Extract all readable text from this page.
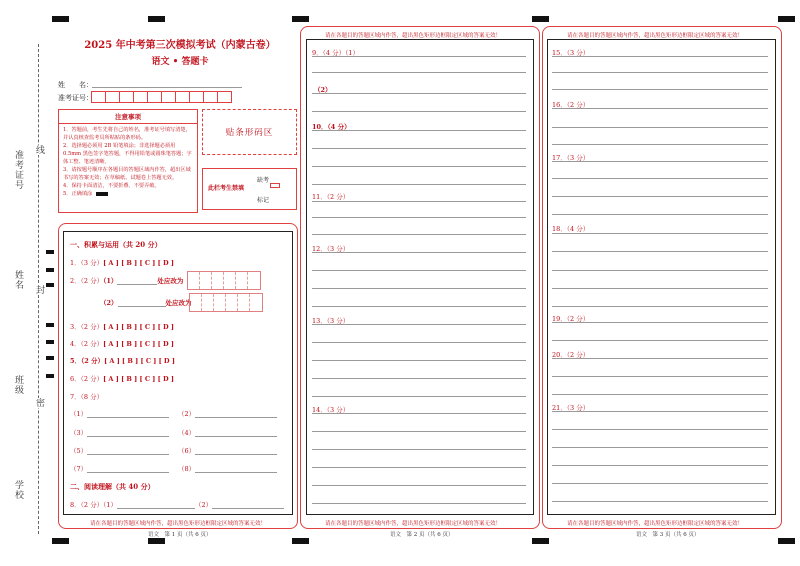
准考证号 线
姓名 封
班级
密
学校
2025 年中考第三次模拟考试（内蒙古卷）
语文 • 答题卡
姓　　名：
准考证号：
注意事项
1．答题前，考生先将自己的姓名，准考证号填写清楚，并认真核查监考员所粘贴的条形码。
2．选择题必须用 2B 铅笔填涂；非选择题必须用0.5mm 黑色签字笔答题，不得用铅笔或圆珠笔答题；字体工整、笔迹清晰。
3．请按题号顺序在各题目的答题区域内作答，超出区域书写的答案无效；在草稿纸、试题卷上答题无效。
4．保持卡面清洁，不要折叠、不要弄破。
5．正确填涂
贴条形码区
此栏考生禁填
缺考
标记
一、积累与运用（共 20 分）
1．（3 分）[ A ] [ B ] [ C ] [ D ]
2．（2 分）（1）	处应改为
（2）	处应改为
3．（2 分）[ A ] [ B ] [ C ] [ D ]
4．（2 分）[ A ] [ B ] [ C ] [ D ]
5．（2 分）[ A ] [ B ] [ C ] [ D ]
6．（2 分）[ A ] [ B ] [ C ] [ D ]
7．（8 分）
（1）	（2）
（3）	（4）
（5）	（6）
（7）	（8）
二、阅读理解（共 40 分）
8．（2 分）（1）	（2）
请在各题目的答题区域内作答，超出黑色矩形边框限定区域的答案无效！
语文　第 1 页（共 6 页）
请在各题目的答题区域内作答，超出黑色矩形边框限定区域的答案无效！
请在各题目的答题区域内作答，超出黑色矩形边框限定区域的答案无效！
语文　第 2 页（共 6 页）
9．（4 分）（1）
（2）
10．（4 分）
11．（2 分）
12．（3 分）
13．（3 分）
14．（3 分）
请在各题目的答题区域内作答，超出黑色矩形边框限定区域的答案无效！
请在各题目的答题区域内作答，超出黑色矩形边框限定区域的答案无效！
语文　第 3 页（共 6 页）
15．（3 分）
16．（2 分）
17．（3 分）
18．（4 分）
19．（2 分）
20．（2 分）
21．（3 分）
